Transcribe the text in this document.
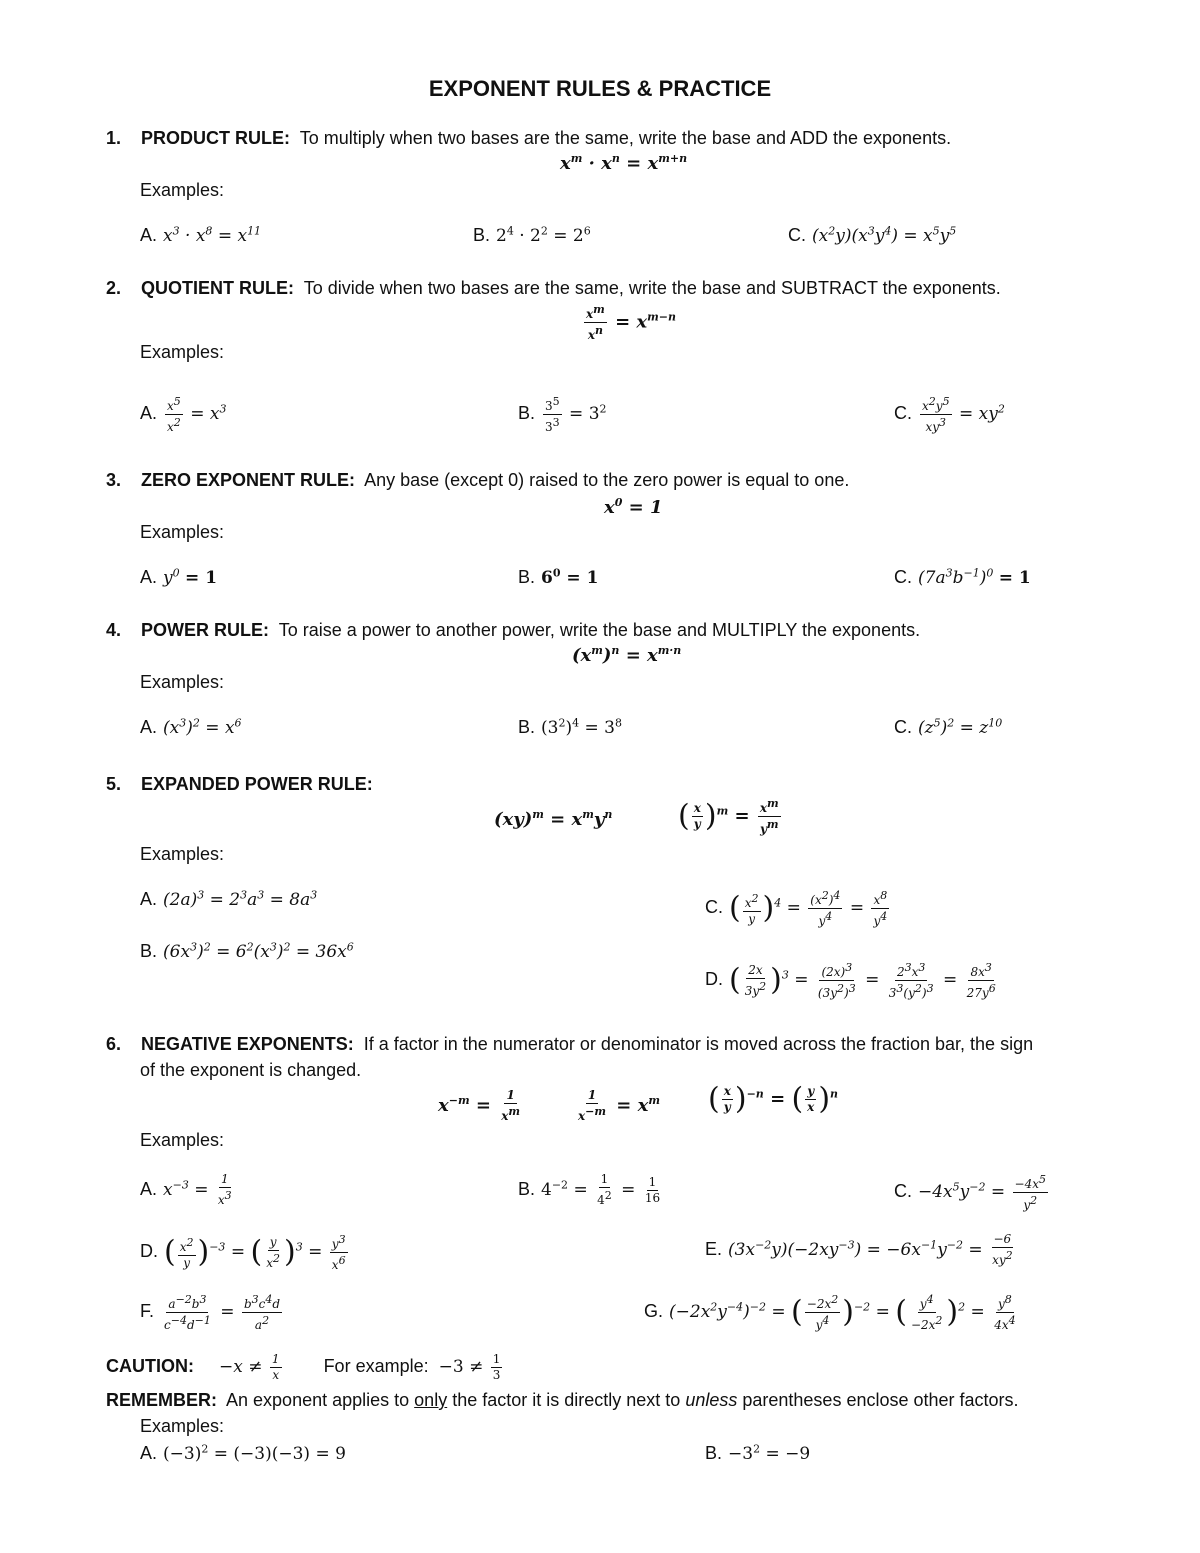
EXPONENT RULES & PRACTICE
1. PRODUCT RULE: To multiply when two bases are the same, write the base and ADD the exponents.
$x^m \cdot x^n = x^{m+n}$
Examples:
A. $x^3 \cdot x^8 = x^{11}$	B. $2^4 \cdot 2^2 = 2^6$	C. $(x^2y)(x^3y^4) = x^5y^5$
2. QUOTIENT RULE: To divide when two bases are the same, write the base and SUBTRACT the exponents.
$\frac{x^m}{x^n} = x^{m-n}$
Examples:
A. $\frac{x^5}{x^2} = x^3$	B. $\frac{3^5}{3^3} = 3^2$	C. $\frac{x^2y^5}{xy^3} = xy^2$
3. ZERO EXPONENT RULE: Any base (except 0) raised to the zero power is equal to one.
$x^0 = 1$
Examples:
A. $y^0 = 1$	B. $6^0 = 1$	C. $(7a^3b^{-1})^0 = 1$
4. POWER RULE: To raise a power to another power, write the base and MULTIPLY the exponents.
$(x^m)^n = x^{m\cdot n}$
Examples:
A. $(x^3)^2 = x^6$	B. $(3^2)^4 = 3^8$	C. $(z^5)^2 = z^{10}$
5. EXPANDED POWER RULE:
$(xy)^m = x^my^n$ ( $\frac{x}{y} )^m = \frac{x^m}{y^m}$
Examples:
A. $(2a)^3 = 2^3a^3 = 8a^3$
B. $(6x^3)^2 = 6^2(x^3)^2 = 36x^6$
C. ( $\frac{x^2}{y} )^4 = \frac{(x^2)^4}{y^4} = \frac{x^8}{y^4}$
D. ( $\frac{2x}{3y^2} )^3 = \frac{(2x)^3}{(3y^2)^3} = \frac{2^3x^3}{3^3(y^2)^3} = \frac{8x^3}{27y^6}$
6. NEGATIVE EXPONENTS: If a factor in the numerator or denominator is moved across the fraction bar, the sign
of the exponent is changed.
$x^{-m} = \frac{1}{x^m}$	$\frac{1}{x^{-m}} = x^m$ ( $\frac{x}{y} )^{-n}$ = ( $\frac{y}{x} )^n$
Examples:
A. $x^{-3} = \frac{1}{x^3}$	B. $4^{-2} = \frac{1}{4^2} = \frac{1}{16}$	C. $-4x^5y^{-2} = \frac{-4x^5}{y^2}$
D. ( $\frac{x^2}{y} )^{-3}$ = ( $\frac{y}{x^2} )^3 = \frac{y^3}{x^6}$	E. $(3x^{-2}y)(-2xy^{-3}) = -6x^{-1}y^{-2} = \frac{-6}{xy^2}$
F. $\frac{a^{-2}b^3}{c^{-4}d^{-1}} = \frac{b^3c^4d}{a^2}$	G. $(-2x^2y^{-4})^{-2}$ = ( $\frac{-2x^2}{y^4} )^{-2}$ = ( $\frac{y^4}{-2x^2} )^2 = \frac{y^8}{4x^4}$
CAUTION: $-x \ne \frac{1}{x}$ For example: $-3 \ne \frac{1}{3}$
REMEMBER: An exponent applies to only the factor it is directly next to unless parentheses enclose other factors.
Examples:
A. $(-3)^2 = (-3)(-3) = 9$	B. $-3^2 = -9$
